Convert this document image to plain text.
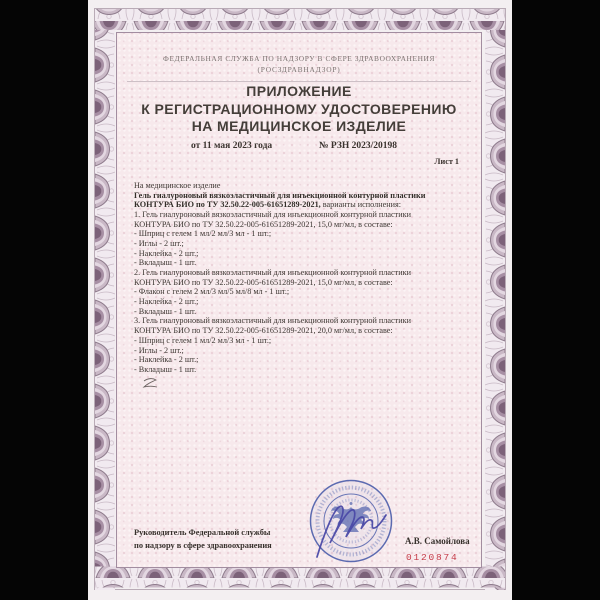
ФЕДЕРАЛЬНАЯ СЛУЖБА ПО НАДЗОРУ В СФЕРЕ ЗДРАВООХРАНЕНИЯ
(РОСЗДРАВНАДЗОР)
ПРИЛОЖЕНИЕ
К РЕГИСТРАЦИОННОМУ УДОСТОВЕРЕНИЮ
НА МЕДИЦИНСКОЕ ИЗДЕЛИЕ
от 11 мая 2023 года	№ РЗН 2023/20198
Лист 1
На медицинское изделие
Гель гиалуроновый вязкоэластичный для инъекционной контурной пластики
КОНТУРА БИО по ТУ 32.50.22-005-61651289-2021, варианты исполнения:
1. Гель гиалуроновый вязкоэластичный для инъекционной контурной пластики
КОНТУРА БИО по ТУ 32.50.22-005-61651289-2021, 15,0 мг/мл, в составе:
- Шприц с гелем 1 мл/2 мл/3 мл - 1 шт.;
- Иглы - 2 шт.;
- Наклейка - 2 шт.;
- Вкладыш - 1 шт.
2. Гель гиалуроновый вязкоэластичный для инъекционной контурной пластики
КОНТУРА БИО по ТУ 32.50.22-005-61651289-2021, 15,0 мг/мл, в составе:
- Флакон с гелем 2 мл/3 мл/5 мл/8 мл - 1 шт.;
- Наклейка - 2 шт.;
- Вкладыш - 1 шт.
3. Гель гиалуроновый вязкоэластичный для инъекционной контурной пластики
КОНТУРА БИО по ТУ 32.50.22-005-61651289-2021, 20,0 мг/мл, в составе:
- Шприц с гелем 1 мл/2 мл/3 мл - 1 шт.;
- Иглы - 2 шт.;
- Наклейка - 2 шт.;
- Вкладыш - 1 шт.
Руководитель Федеральной службы
по надзору в сфере здравоохранения	А.В. Самойлова
0120874
